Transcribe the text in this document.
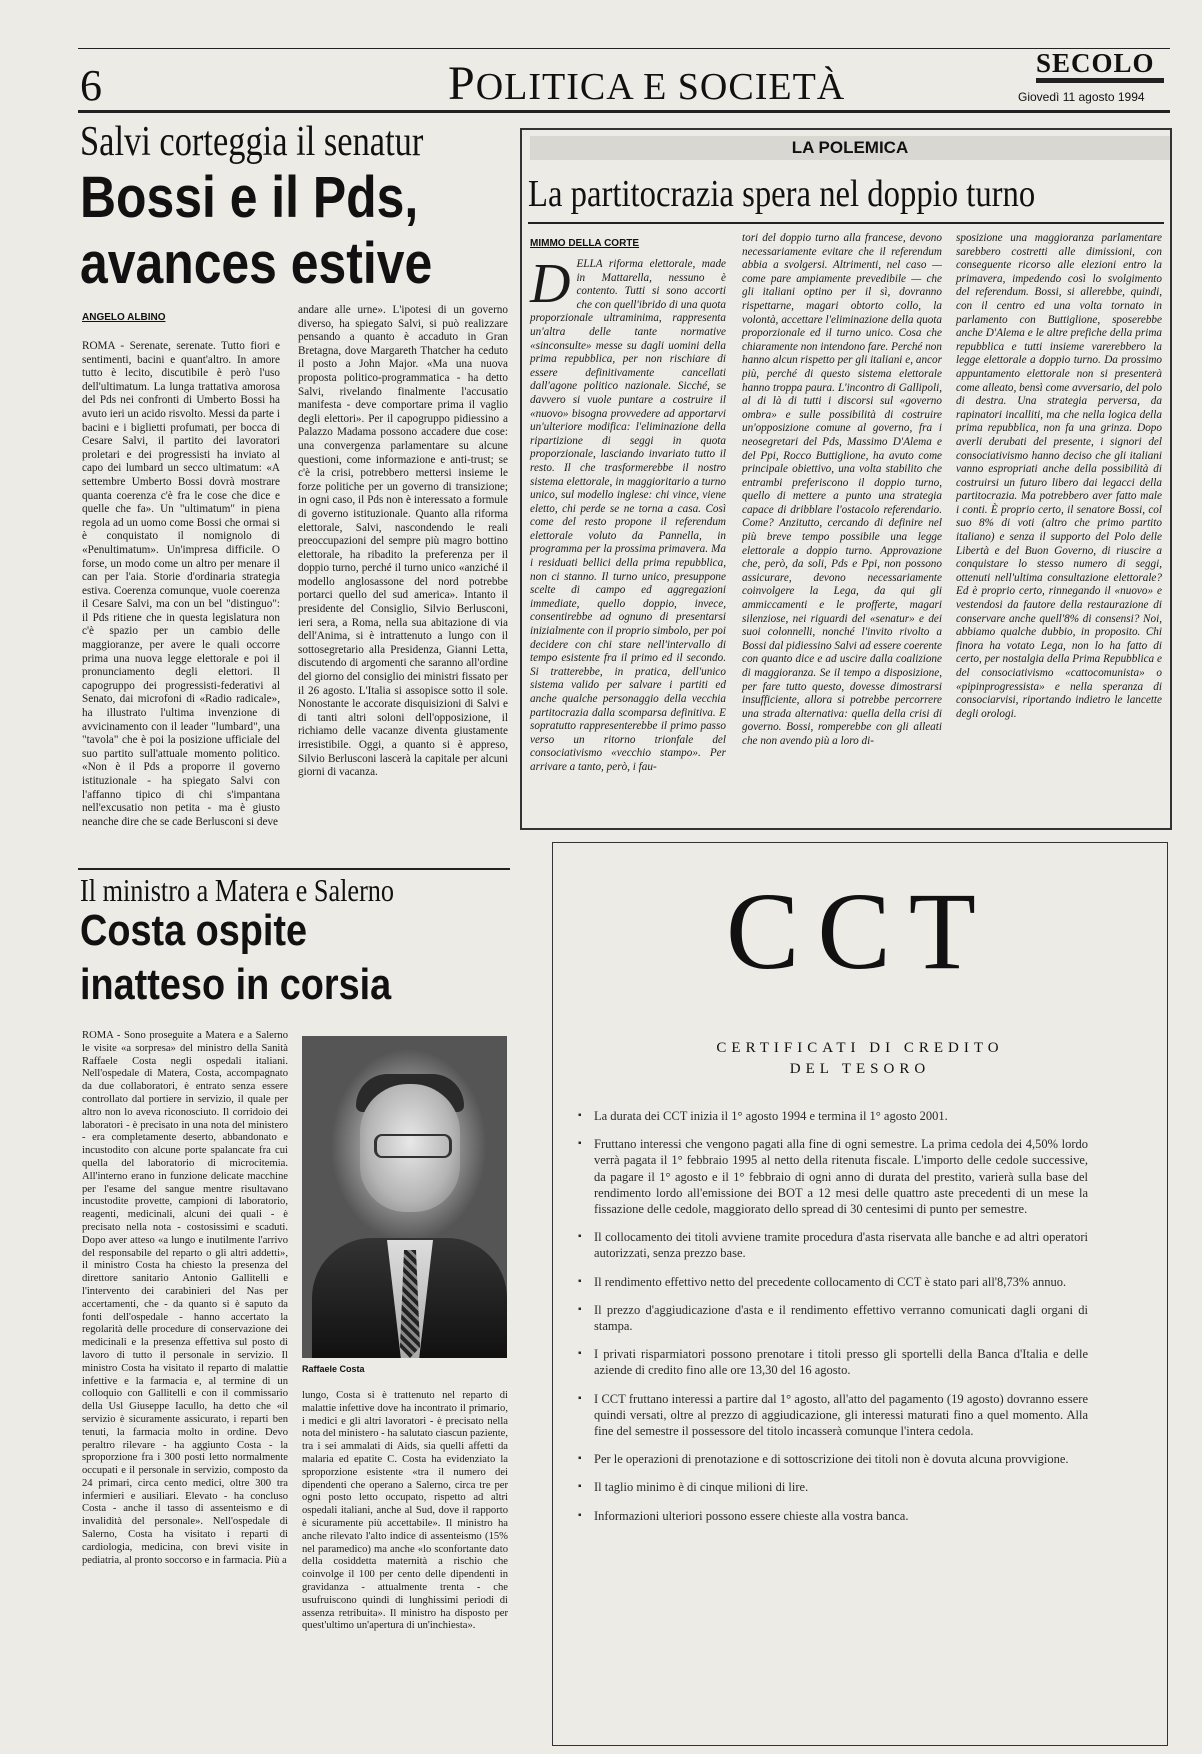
6	POLITICA E SOCIETÀ
SECOLO
Giovedì 11 agosto 1994
Salvi corteggia il senatur
Bossi e il Pds,
avances estive
ANGELO ALBINO
ROMA - Serenate, serenate. Tutto fiori e sentimenti, bacini e quant'altro. In amore tutto è lecito, discutibile è però l'uso dell'ultimatum. La lunga trattativa amorosa del Pds nei confronti di Umberto Bossi ha avuto ieri un acido risvolto. Messi da parte i bacini e i biglietti profumati, per bocca di Cesare Salvi, il partito dei lavoratori proletari e dei progressisti ha inviato al capo dei lumbard un secco ultimatum: «A settembre Umberto Bossi dovrà mostrare quanta coerenza c'è fra le cose che dice e quelle che fa». Un "ultimatum" in piena regola ad un uomo come Bossi che ormai si è conquistato il nomignolo di «Penultimatum». Un'impresa difficile. O forse, un modo come un altro per menare il can per l'aia. Storie d'ordinaria strategia estiva. Coerenza comunque, vuole coerenza il Cesare Salvi, ma con un bel "distinguo": il Pds ritiene che in questa legislatura non c'è spazio per un cambio delle maggioranze, per avere le quali occorre prima una nuova legge elettorale e poi il pronunciamento degli elettori. Il capogruppo dei progressisti-federativi al Senato, dai microfoni di «Radio radicale», ha illustrato l'ultima invenzione di avvicinamento con il leader "lumbard", una "tavola" che è poi la posizione ufficiale del suo partito sull'attuale momento politico. «Non è il Pds a proporre il governo istituzionale - ha spiegato Salvi con l'affanno tipico di chi s'impantana nell'excusatio non petita - ma è giusto neanche dire che se cade Berlusconi si deve
andare alle urne». L'ipotesi di un governo diverso, ha spiegato Salvi, si può realizzare pensando a quanto è accaduto in Gran Bretagna, dove Margareth Thatcher ha ceduto il posto a John Major. «Ma una nuova proposta politico-programmatica - ha detto Salvi, rivelando finalmente l'accusatio manifesta - deve comportare prima il vaglio degli elettori». Per il capogruppo pidiessino a Palazzo Madama possono accadere due cose: una convergenza parlamentare su alcune questioni, come informazione e anti-trust; se c'è la crisi, potrebbero mettersi insieme le forze politiche per un governo di transizione; in ogni caso, il Pds non è interessato a formule di governo istituzionale. Quanto alla riforma elettorale, Salvi, nascondendo le reali preoccupazioni del sempre più magro bottino elettorale, ha ribadito la preferenza per il doppio turno, perché il turno unico «anziché il modello anglosassone del nord potrebbe portarci quello del sud america». Intanto il presidente del Consiglio, Silvio Berlusconi, ieri sera, a Roma, nella sua abitazione di via dell'Anima, si è intrattenuto a lungo con il sottosegretario alla Presidenza, Gianni Letta, discutendo di argomenti che saranno all'ordine del giorno del consiglio dei ministri fissato per il 26 agosto. L'Italia si assopisce sotto il sole. Nonostante le accorate disquisizioni di Salvi e di tanti altri soloni dell'opposizione, il richiamo delle vacanze diventa giustamente irresistibile. Oggi, a quanto si è appreso, Silvio Berlusconi lascerà la capitale per alcuni giorni di vacanza.
LA POLEMICA
La partitocrazia spera nel doppio turno
MIMMO DELLA CORTE
DELLA riforma elettorale, made in Mattarella, nessuno è contento. Tutti si sono accorti che con quell'ibrido di una quota proporzionale ultraminima, rappresenta un'altra delle tante normative «sinconsulte» messe su dagli uomini della prima repubblica, per non rischiare di essere definitivamente cancellati dall'agone politico nazionale. Sicché, se davvero si vuole puntare a costruire il «nuovo» bisogna provvedere ad apportarvi un'ulteriore modifica: l'eliminazione della ripartizione di seggi in quota proporzionale, lasciando invariato tutto il resto. Il che trasformerebbe il nostro sistema elettorale, in maggioritario a turno unico, sul modello inglese: chi vince, viene eletto, chi perde se ne torna a casa. Così come del resto propone il referendum elettorale voluto da Pannella, in programma per la prossima primavera. Ma i residuati bellici della prima repubblica, non ci stanno. Il turno unico, presuppone scelte di campo ed aggregazioni immediate, quello doppio, invece, consentirebbe ad ognuno di presentarsi inizialmente con il proprio simbolo, per poi decidere con chi stare nell'intervallo di tempo esistente fra il primo ed il secondo. Si tratterebbe, in pratica, dell'unico sistema valido per salvare i partiti ed anche qualche personaggio della vecchia partitocrazia dalla scomparsa definitiva. E sopratutto rappresenterebbe il primo passo verso un ritorno trionfale del consociativismo «vecchio stampo». Per arrivare a tanto, però, i fau-
tori del doppio turno alla francese, devono necessariamente evitare che il referendum abbia a svolgersi. Altrimenti, nel caso — come pare ampiamente prevedibile — che gli italiani optino per il sì, dovranno rispettarne, magari obtorto collo, la volontà, accettare l'eliminazione della quota proporzionale ed il turno unico. Cosa che chiaramente non intendono fare. Perché non hanno alcun rispetto per gli italiani e, ancor più, perché di questo sistema elettorale hanno troppa paura. L'incontro di Gallipoli, al di là di tutti i discorsi sul «governo ombra» e sulle possibilità di costruire un'opposizione comune al governo, fra i neosegretari del Pds, Massimo D'Alema e del Ppi, Rocco Buttiglione, ha avuto come principale obiettivo, una volta stabilito che entrambi preferiscono il doppio turno, quello di mettere a punto una strategia capace di dribblare l'ostacolo referendario. Come? Anzitutto, cercando di definire nel più breve tempo possibile una legge elettorale a doppio turno. Approvazione che, però, da soli, Pds e Ppi, non possono assicurare, devono necessariamente coinvolgere la Lega, da qui gli ammiccamenti e le profferte, magari silenziose, nei riguardi del «senatur» e dei suoi colonnelli, nonché l'invito rivolto a Bossi dal pidiessino Salvi ad essere coerente con quanto dice e ad uscire dalla coalizione di maggioranza. Se il tempo a disposizione, per fare tutto questo, dovesse dimostrarsi insufficiente, allora si potrebbe percorrere una strada alternativa: quella della crisi di governo. Bossi, romperebbe con gli alleati che non avendo più a loro di-
sposizione una maggioranza parlamentare sarebbero costretti alle dimissioni, con conseguente ricorso alle elezioni entro la primavera, impedendo così lo svolgimento del referendum. Bossi, si allerebbe, quindi, con il centro ed una volta tornato in parlamento con Buttiglione, sposerebbe anche D'Alema e le altre prefiche della prima repubblica e tutti insieme varerebbero la legge elettorale a doppio turno. Da prossimo appuntamento elettorale non si presenterà come alleato, bensì come avversario, del polo di destra. Una strategia perversa, da rapinatori incalliti, ma che nella logica della prima repubblica, non fa una grinza. Dopo averli derubati del presente, i signori del consociativismo hanno deciso che gli italiani vanno espropriati anche della possibilità di costruirsi un futuro libero dai legacci della partitocrazia. Ma potrebbero aver fatto male i conti. È proprio certo, il senatore Bossi, col suo 8% di voti (altro che primo partito italiano) e senza il supporto del Polo delle Libertà e del Buon Governo, di riuscire a conquistare lo stesso numero di seggi, ottenuti nell'ultima consultazione elettorale? Ed è proprio certo, rinnegando il «nuovo» e vestendosi da fautore della restaurazione di conservare anche quell'8% di consensi? Noi, abbiamo qualche dubbio, in proposito. Chi finora ha votato Lega, non lo ha fatto di certo, per nostalgia della Prima Repubblica e del consociativismo «cattocomunista» o «pipinprogressista» e nella speranza di consociarvisi, riportando indietro le lancette degli orologi.
Il ministro a Matera e Salerno
Costa ospite
inatteso in corsia
ROMA - Sono proseguite a Matera e a Salerno le visite «a sorpresa» del ministro della Sanità Raffaele Costa negli ospedali italiani. Nell'ospedale di Matera, Costa, accompagnato da due collaboratori, è entrato senza essere controllato dal portiere in servizio, il quale per altro non lo aveva riconosciuto. Il corridoio dei laboratori - è precisato in una nota del ministero - era completamente deserto, abbandonato e incustodito con alcune porte spalancate fra cui quella del laboratorio di microcitemia. All'interno erano in funzione delicate macchine per l'esame del sangue mentre risultavano incustodite provette, campioni di laboratorio, reagenti, medicinali, alcuni dei quali - è precisato nella nota - costosissimi e scaduti. Dopo aver atteso «a lungo e inutilmente l'arrivo del responsabile del reparto o gli altri addetti», il ministro Costa ha chiesto la presenza del direttore sanitario Antonio Gallitelli e l'intervento dei carabinieri del Nas per accertamenti, che - da quanto si è saputo da fonti dell'ospedale - hanno accertato la regolarità delle procedure di conservazione dei medicinali e la presenza effettiva sul posto di lavoro di tutto il personale in servizio. Il ministro Costa ha visitato il reparto di malattie infettive e la farmacia e, al termine di un colloquio con Gallitelli e con il commissario della Usl Giuseppe Iacullo, ha detto che «il servizio è sicuramente assicurato, i reparti ben tenuti, la farmacia molto in ordine. Devo peraltro rilevare - ha aggiunto Costa - la sproporzione fra i 300 posti letto normalmente occupati e il personale in servizio, composto da 24 primari, circa cento medici, oltre 300 tra infermieri e ausiliari. Elevato - ha concluso Costa - anche il tasso di assenteismo e di invalidità del personale». Nell'ospedale di Salerno, Costa ha visitato i reparti di cardiologia, medicina, con brevi visite in pediatria, al pronto soccorso e in farmacia. Più a
Raffaele Costa
lungo, Costa si è trattenuto nel reparto di malattie infettive dove ha incontrato il primario, i medici e gli altri lavoratori - è precisato nella nota del ministero - ha salutato ciascun paziente, tra i sei ammalati di Aids, sia quelli affetti da malaria ed epatite C. Costa ha evidenziato la sproporzione esistente «tra il numero dei dipendenti che operano a Salerno, circa tre per ogni posto letto occupato, rispetto ad altri ospedali italiani, anche al Sud, dove il rapporto è sicuramente più accettabile». Il ministro ha anche rilevato l'alto indice di assenteismo (15% nel paramedico) ma anche «lo sconfortante dato della cosiddetta maternità a rischio che coinvolge il 100 per cento delle dipendenti in gravidanza - attualmente trenta - che usufruiscono quindi di lunghissimi periodi di assenza retribuita». Il ministro ha disposto per quest'ultimo un'apertura di un'inchiesta».
CCT
CERTIFICATI DI CREDITO
DEL TESORO
▪ La durata dei CCT inizia il 1° agosto 1994 e termina il 1° agosto 2001.
▪ Fruttano interessi che vengono pagati alla fine di ogni semestre. La prima cedola dei 4,50% lordo verrà pagata il 1° febbraio 1995 al netto della ritenuta fiscale. L'importo delle cedole successive, da pagare il 1° agosto e il 1° febbraio di ogni anno di durata del prestito, varierà sulla base del rendimento lordo all'emissione dei BOT a 12 mesi delle quattro aste precedenti di un mese la fissazione delle cedole, maggiorato dello spread di 30 centesimi di punto per semestre.
▪ Il collocamento dei titoli avviene tramite procedura d'asta riservata alle banche e ad altri operatori autorizzati, senza prezzo base.
▪ Il rendimento effettivo netto del precedente collocamento di CCT è stato pari all'8,73% annuo.
▪ Il prezzo d'aggiudicazione d'asta e il rendimento effettivo verranno comunicati dagli organi di stampa.
▪ I privati risparmiatori possono prenotare i titoli presso gli sportelli della Banca d'Italia e delle aziende di credito fino alle ore 13,30 del 16 agosto.
▪ I CCT fruttano interessi a partire dal 1° agosto, all'atto del pagamento (19 agosto) dovranno essere quindi versati, oltre al prezzo di aggiudicazione, gli interessi maturati fino a quel momento. Alla fine del semestre il possessore del titolo incasserà comunque l'intera cedola.
▪ Per le operazioni di prenotazione e di sottoscrizione dei titoli non è dovuta alcuna provvigione.
▪ Il taglio minimo è di cinque milioni di lire.
▪ Informazioni ulteriori possono essere chieste alla vostra banca.
